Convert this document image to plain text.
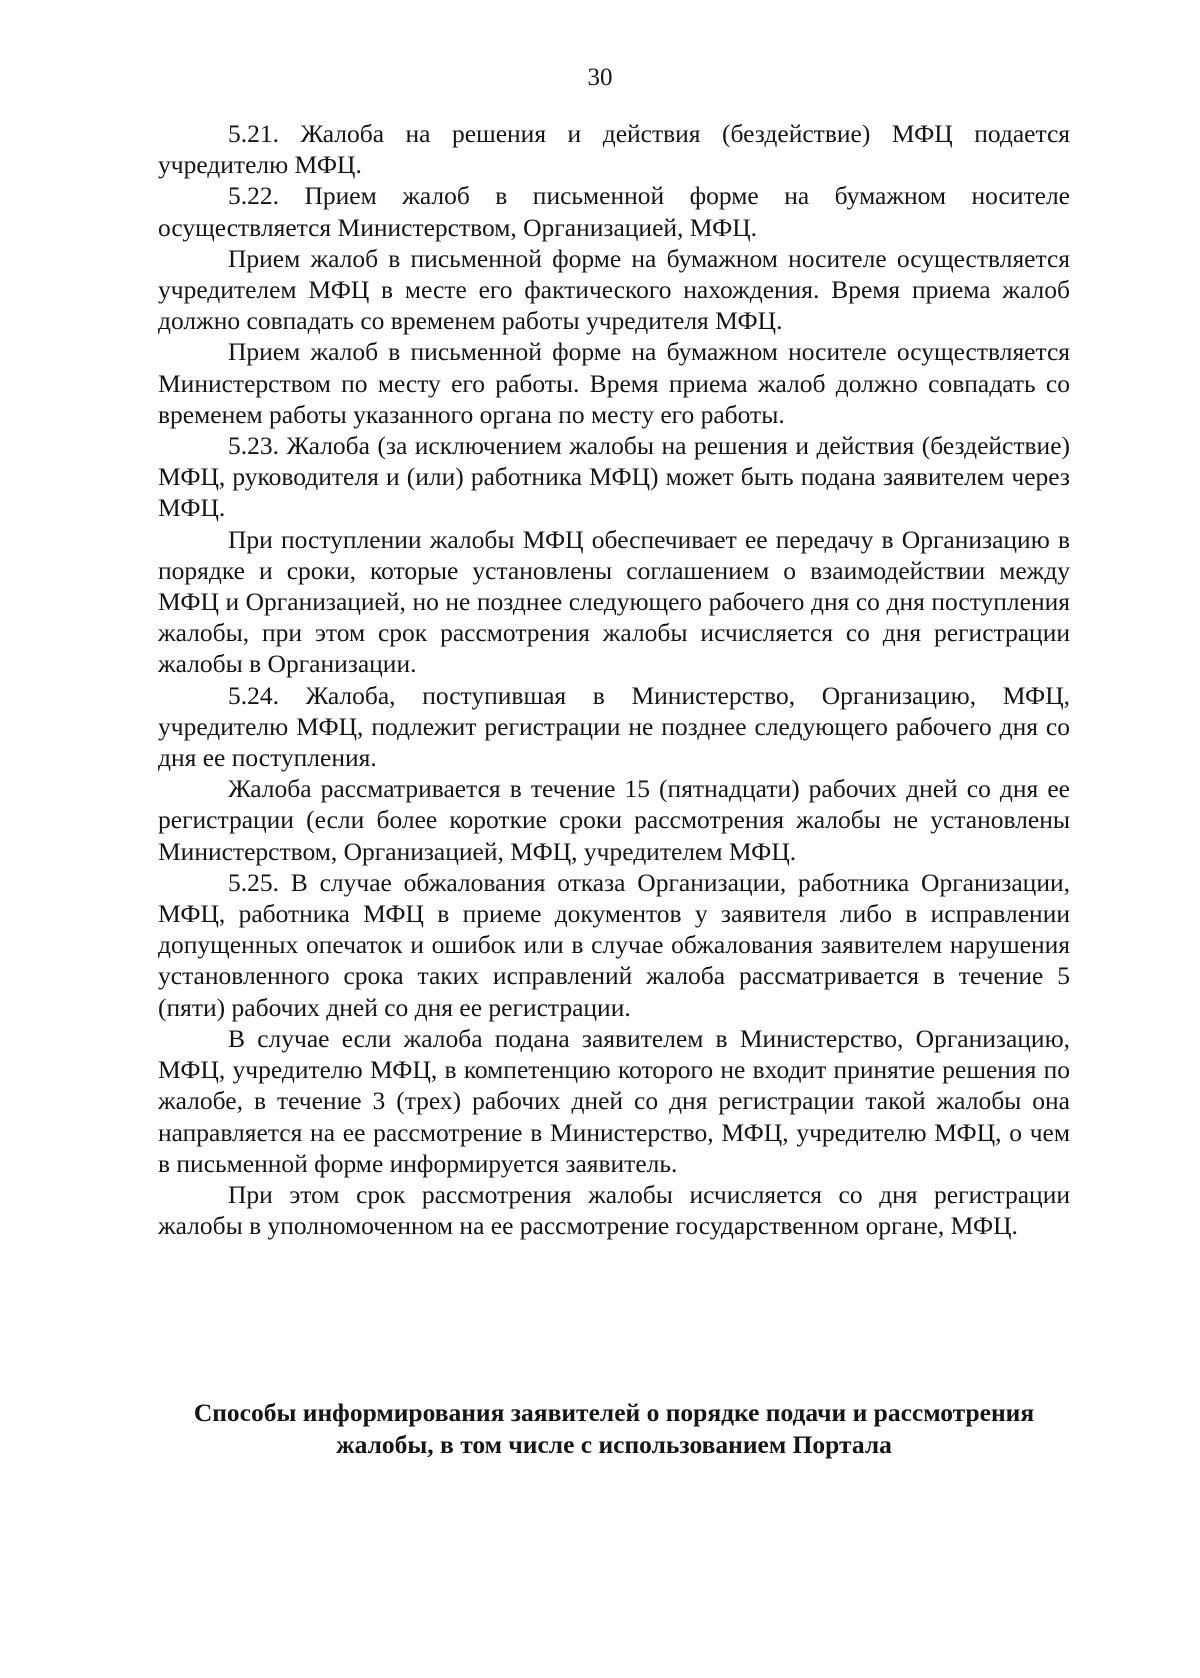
30

5.21. Жалоба на решения и действия (бездействие) МФЦ подается учредителю МФЦ.

5.22. Прием жалоб в письменной форме на бумажном носителе осуществляется Министерством, Организацией, МФЦ.

Прием жалоб в письменной форме на бумажном носителе осуществляется учредителем МФЦ в месте его фактического нахождения. Время приема жалоб должно совпадать со временем работы учредителя МФЦ.

Прием жалоб в письменной форме на бумажном носителе осуществляется Министерством по месту его работы. Время приема жалоб должно совпадать со временем работы указанного органа по месту его работы.

5.23. Жалоба (за исключением жалобы на решения и действия (бездействие) МФЦ, руководителя и (или) работника МФЦ) может быть подана заявителем через МФЦ.

При поступлении жалобы МФЦ обеспечивает ее передачу в Организацию в порядке и сроки, которые установлены соглашением о взаимодействии между МФЦ и Организацией, но не позднее следующего рабочего дня со дня поступления жалобы, при этом срок рассмотрения жалобы исчисляется со дня регистрации жалобы в Организации.

5.24. Жалоба, поступившая в Министерство, Организацию, МФЦ, учредителю МФЦ, подлежит регистрации не позднее следующего рабочего дня со дня ее поступления.

Жалоба рассматривается в течение 15 (пятнадцати) рабочих дней со дня ее регистрации (если более короткие сроки рассмотрения жалобы не установлены Министерством, Организацией, МФЦ, учредителем МФЦ.

5.25. В случае обжалования отказа Организации, работника Организации, МФЦ, работника МФЦ в приеме документов у заявителя либо в исправлении допущенных опечаток и ошибок или в случае обжалования заявителем нарушения установленного срока таких исправлений жалоба рассматривается в течение 5 (пяти) рабочих дней со дня ее регистрации.

В случае если жалоба подана заявителем в Министерство, Организацию, МФЦ, учредителю МФЦ, в компетенцию которого не входит принятие решения по жалобе, в течение 3 (трех) рабочих дней со дня регистрации такой жалобы она направляется на ее рассмотрение в Министерство, МФЦ, учредителю МФЦ, о чем в письменной форме информируется заявитель.

При этом срок рассмотрения жалобы исчисляется со дня регистрации жалобы в уполномоченном на ее рассмотрение государственном органе, МФЦ.

Способы информирования заявителей о порядке подачи и рассмотрения
жалобы, в том числе с использованием Портала
